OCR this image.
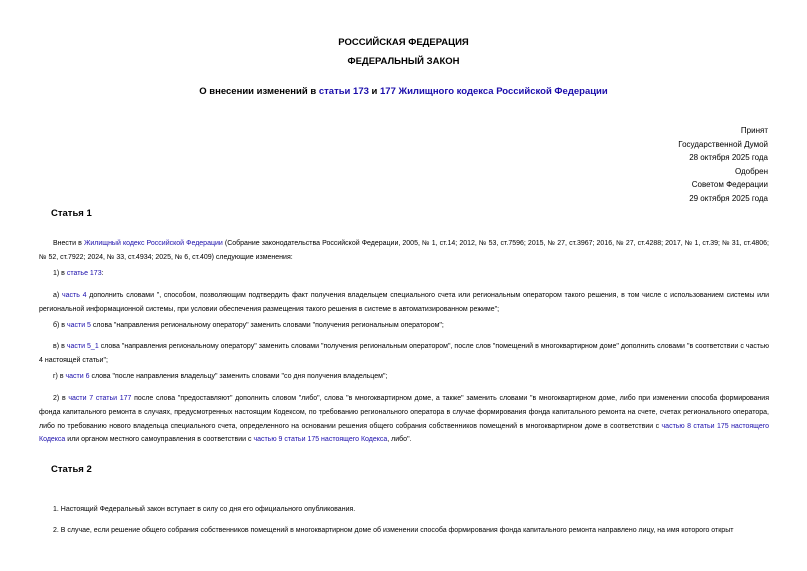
РОССИЙСКАЯ ФЕДЕРАЦИЯ
ФЕДЕРАЛЬНЫЙ ЗАКОН
О внесении изменений в статьи 173 и 177 Жилищного кодекса Российской Федерации
Принят
Государственной Думой
28 октября 2025 года
Одобрен
Советом Федерации
29 октября 2025 года
Статья 1
Внести в Жилищный кодекс Российской Федерации (Собрание законодательства Российской Федерации, 2005, № 1, ст.14; 2012, № 53, ст.7596; 2015, № 27, ст.3967; 2016, № 27, ст.4288; 2017, № 1, ст.39; № 31, ст.4806; № 52, ст.7922; 2024, № 33, ст.4934; 2025, № 6, ст.409) следующие изменения:
1) в статье 173:
а) часть 4 дополнить словами ", способом, позволяющим подтвердить факт получения владельцем специального счета или региональным оператором такого решения, в том числе с использованием системы или региональной информационной системы, при условии обеспечения размещения такого решения в системе в автоматизированном режиме";
б) в части 5 слова "направления региональному оператору" заменить словами "получения региональным оператором";
в) в части 5_1 слова "направления региональному оператору" заменить словами "получения региональным оператором", после слов "помещений в многоквартирном доме" дополнить словами "в соответствии с частью 4 настоящей статьи";
г) в части 6 слова "после направления владельцу" заменить словами "со дня получения владельцем";
2) в части 7 статьи 177 после слова "предоставляют" дополнить словом "либо", слова "в многоквартирном доме, а также" заменить словами "в многоквартирном доме, либо при изменении способа формирования фонда капитального ремонта в случаях, предусмотренных настоящим Кодексом, по требованию регионального оператора в случае формирования фонда капитального ремонта на счете, счетах регионального оператора, либо по требованию нового владельца специального счета, определенного на основании решения общего собрания собственников помещений в многоквартирном доме в соответствии с частью 8 статьи 175 настоящего Кодекса или органом местного самоуправления в соответствии с частью 9 статьи 175 настоящего Кодекса, либо".
Статья 2
1. Настоящий Федеральный закон вступает в силу со дня его официального опубликования.
2. В случае, если решение общего собрания собственников помещений в многоквартирном доме об изменении способа формирования фонда капитального ремонта направлено лицу, на имя которого открыт
